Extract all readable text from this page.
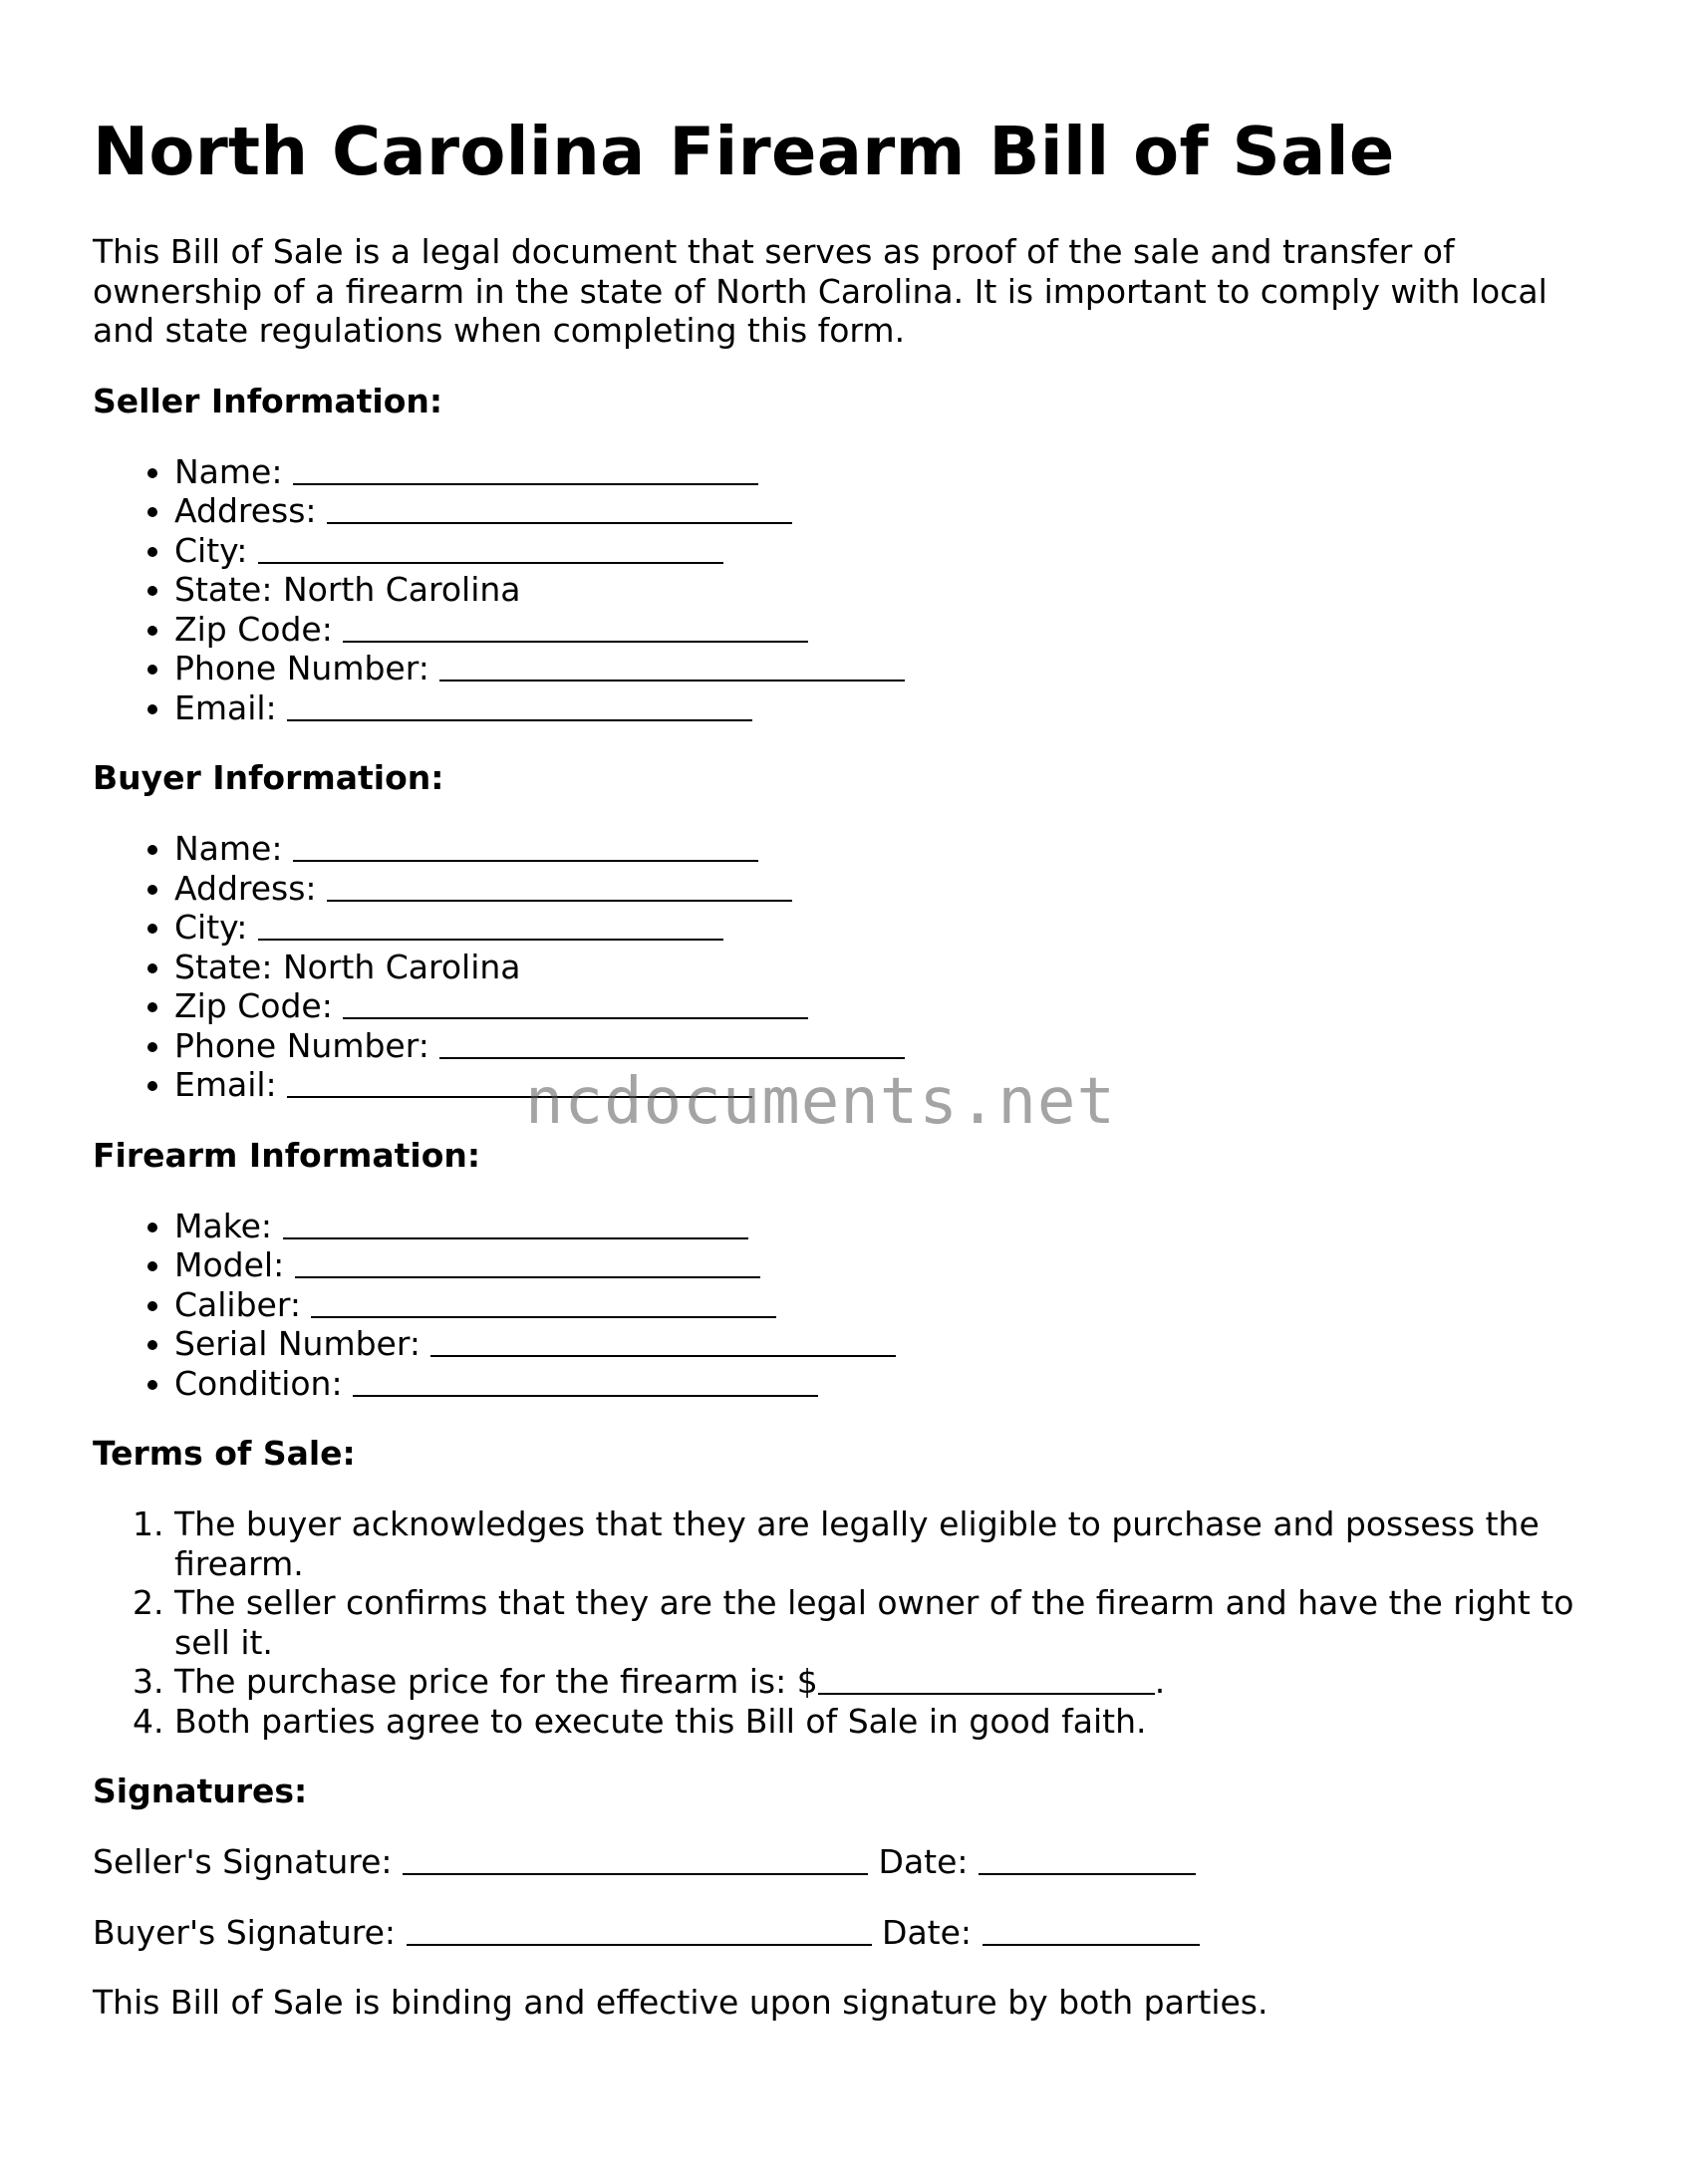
North Carolina Firearm Bill of Sale

This Bill of Sale is a legal document that serves as proof of the sale and transfer of ownership of a firearm in the state of North Carolina. It is important to comply with local and state regulations when completing this form.

Seller Information:
• Name:
• Address:
• City:
• State: North Carolina
• Zip Code:
• Phone Number:
• Email:
Buyer Information:
• Name:
• Address:
• City:
• State: North Carolina
• Zip Code:
• Phone Number:
• Email:
Firearm Information:
• Make:
• Model:
• Caliber:
• Serial Number:
• Condition:
Terms of Sale:
1. The buyer acknowledges that they are legally eligible to purchase and possess the firearm.
2. The seller confirms that they are the legal owner of the firearm and have the right to sell it.
3. The purchase price for the firearm is: $	.
4. Both parties agree to execute this Bill of Sale in good faith.
Signatures:

Seller's Signature:	Date:

Buyer's Signature:	Date:

This Bill of Sale is binding and effective upon signature by both parties.

ncdocuments.net
